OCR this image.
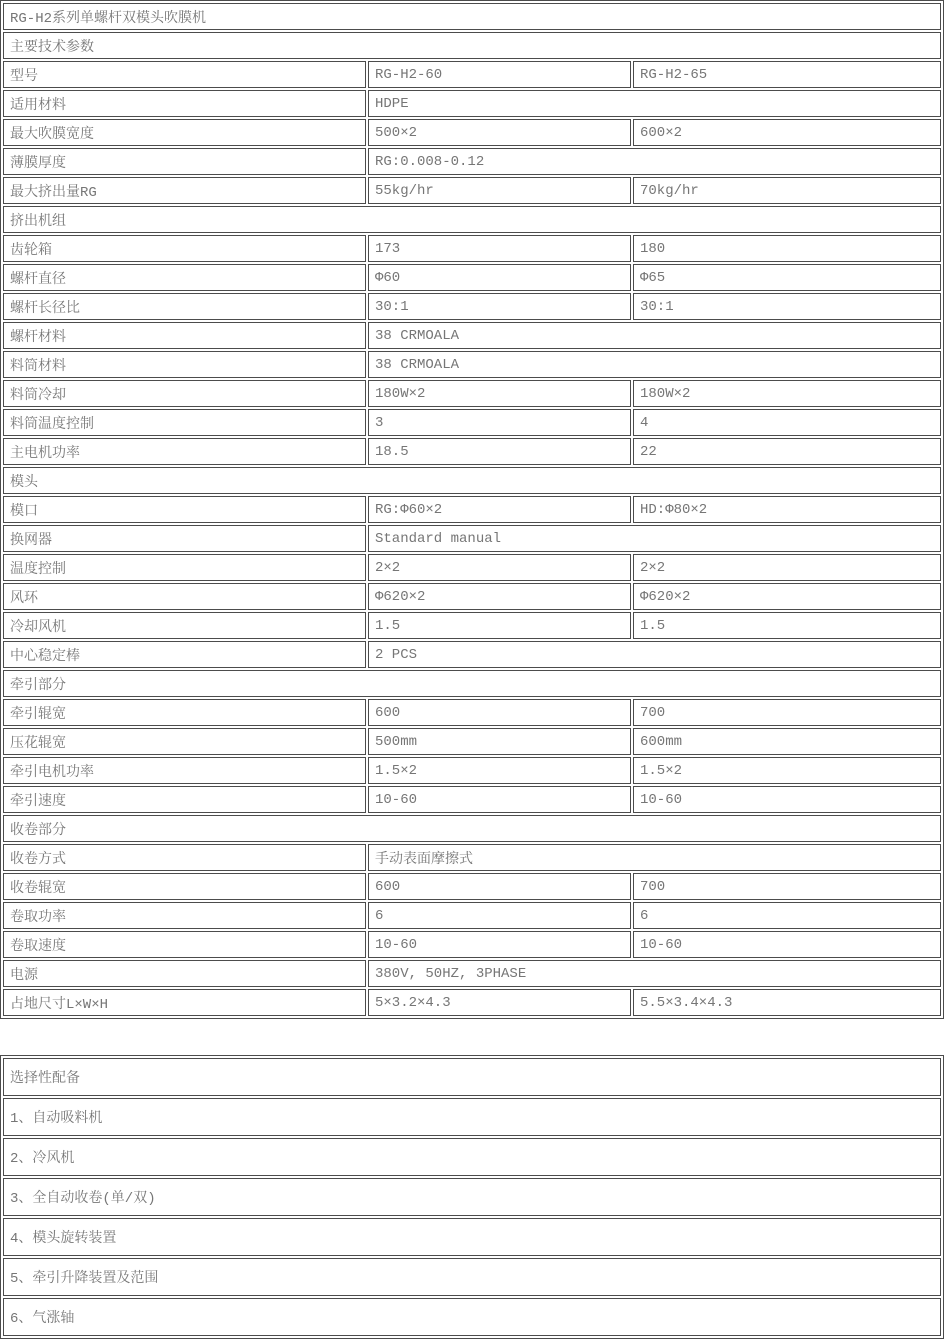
RG-H2系列单螺杆双模头吹膜机		
主要技术参数		
型号	RG-H2-60	RG-H2-65
适用材料	HDPE	
最大吹膜宽度	500×2	600×2
薄膜厚度	RG:0.008-0.12	
最大挤出量RG	55kg/hr	70kg/hr
挤出机组		
齿轮箱	173	180
螺杆直径	Φ60	Φ65
螺杆长径比	30:1	30:1
螺杆材料	38 CRMOALA	
料筒材料	38 CRMOALA	
料筒冷却	180W×2	180W×2
料筒温度控制	3	4
主电机功率	18.5	22
模头		
模口	RG:Φ60×2	HD:Φ80×2
换网器	Standard manual	
温度控制	2×2	2×2
风环	Φ620×2	Φ620×2
冷却风机	1.5	1.5
中心稳定棒	2 PCS	
牵引部分		
牵引辊宽	600	700
压花辊宽	500mm	600mm
牵引电机功率	1.5×2	1.5×2
牵引速度	10-60	10-60
收卷部分		
收卷方式	手动表面摩擦式	
收卷辊宽	600	700
卷取功率	6	6
卷取速度	10-60	10-60
电源	380V, 50HZ, 3PHASE	
占地尺寸L×W×H	5×3.2×4.3	5.5×3.4×4.3
选择性配备
1、自动吸料机
2、冷风机
3、全自动收卷(单/双)
4、模头旋转装置
5、牵引升降装置及范围
6、气涨轴
